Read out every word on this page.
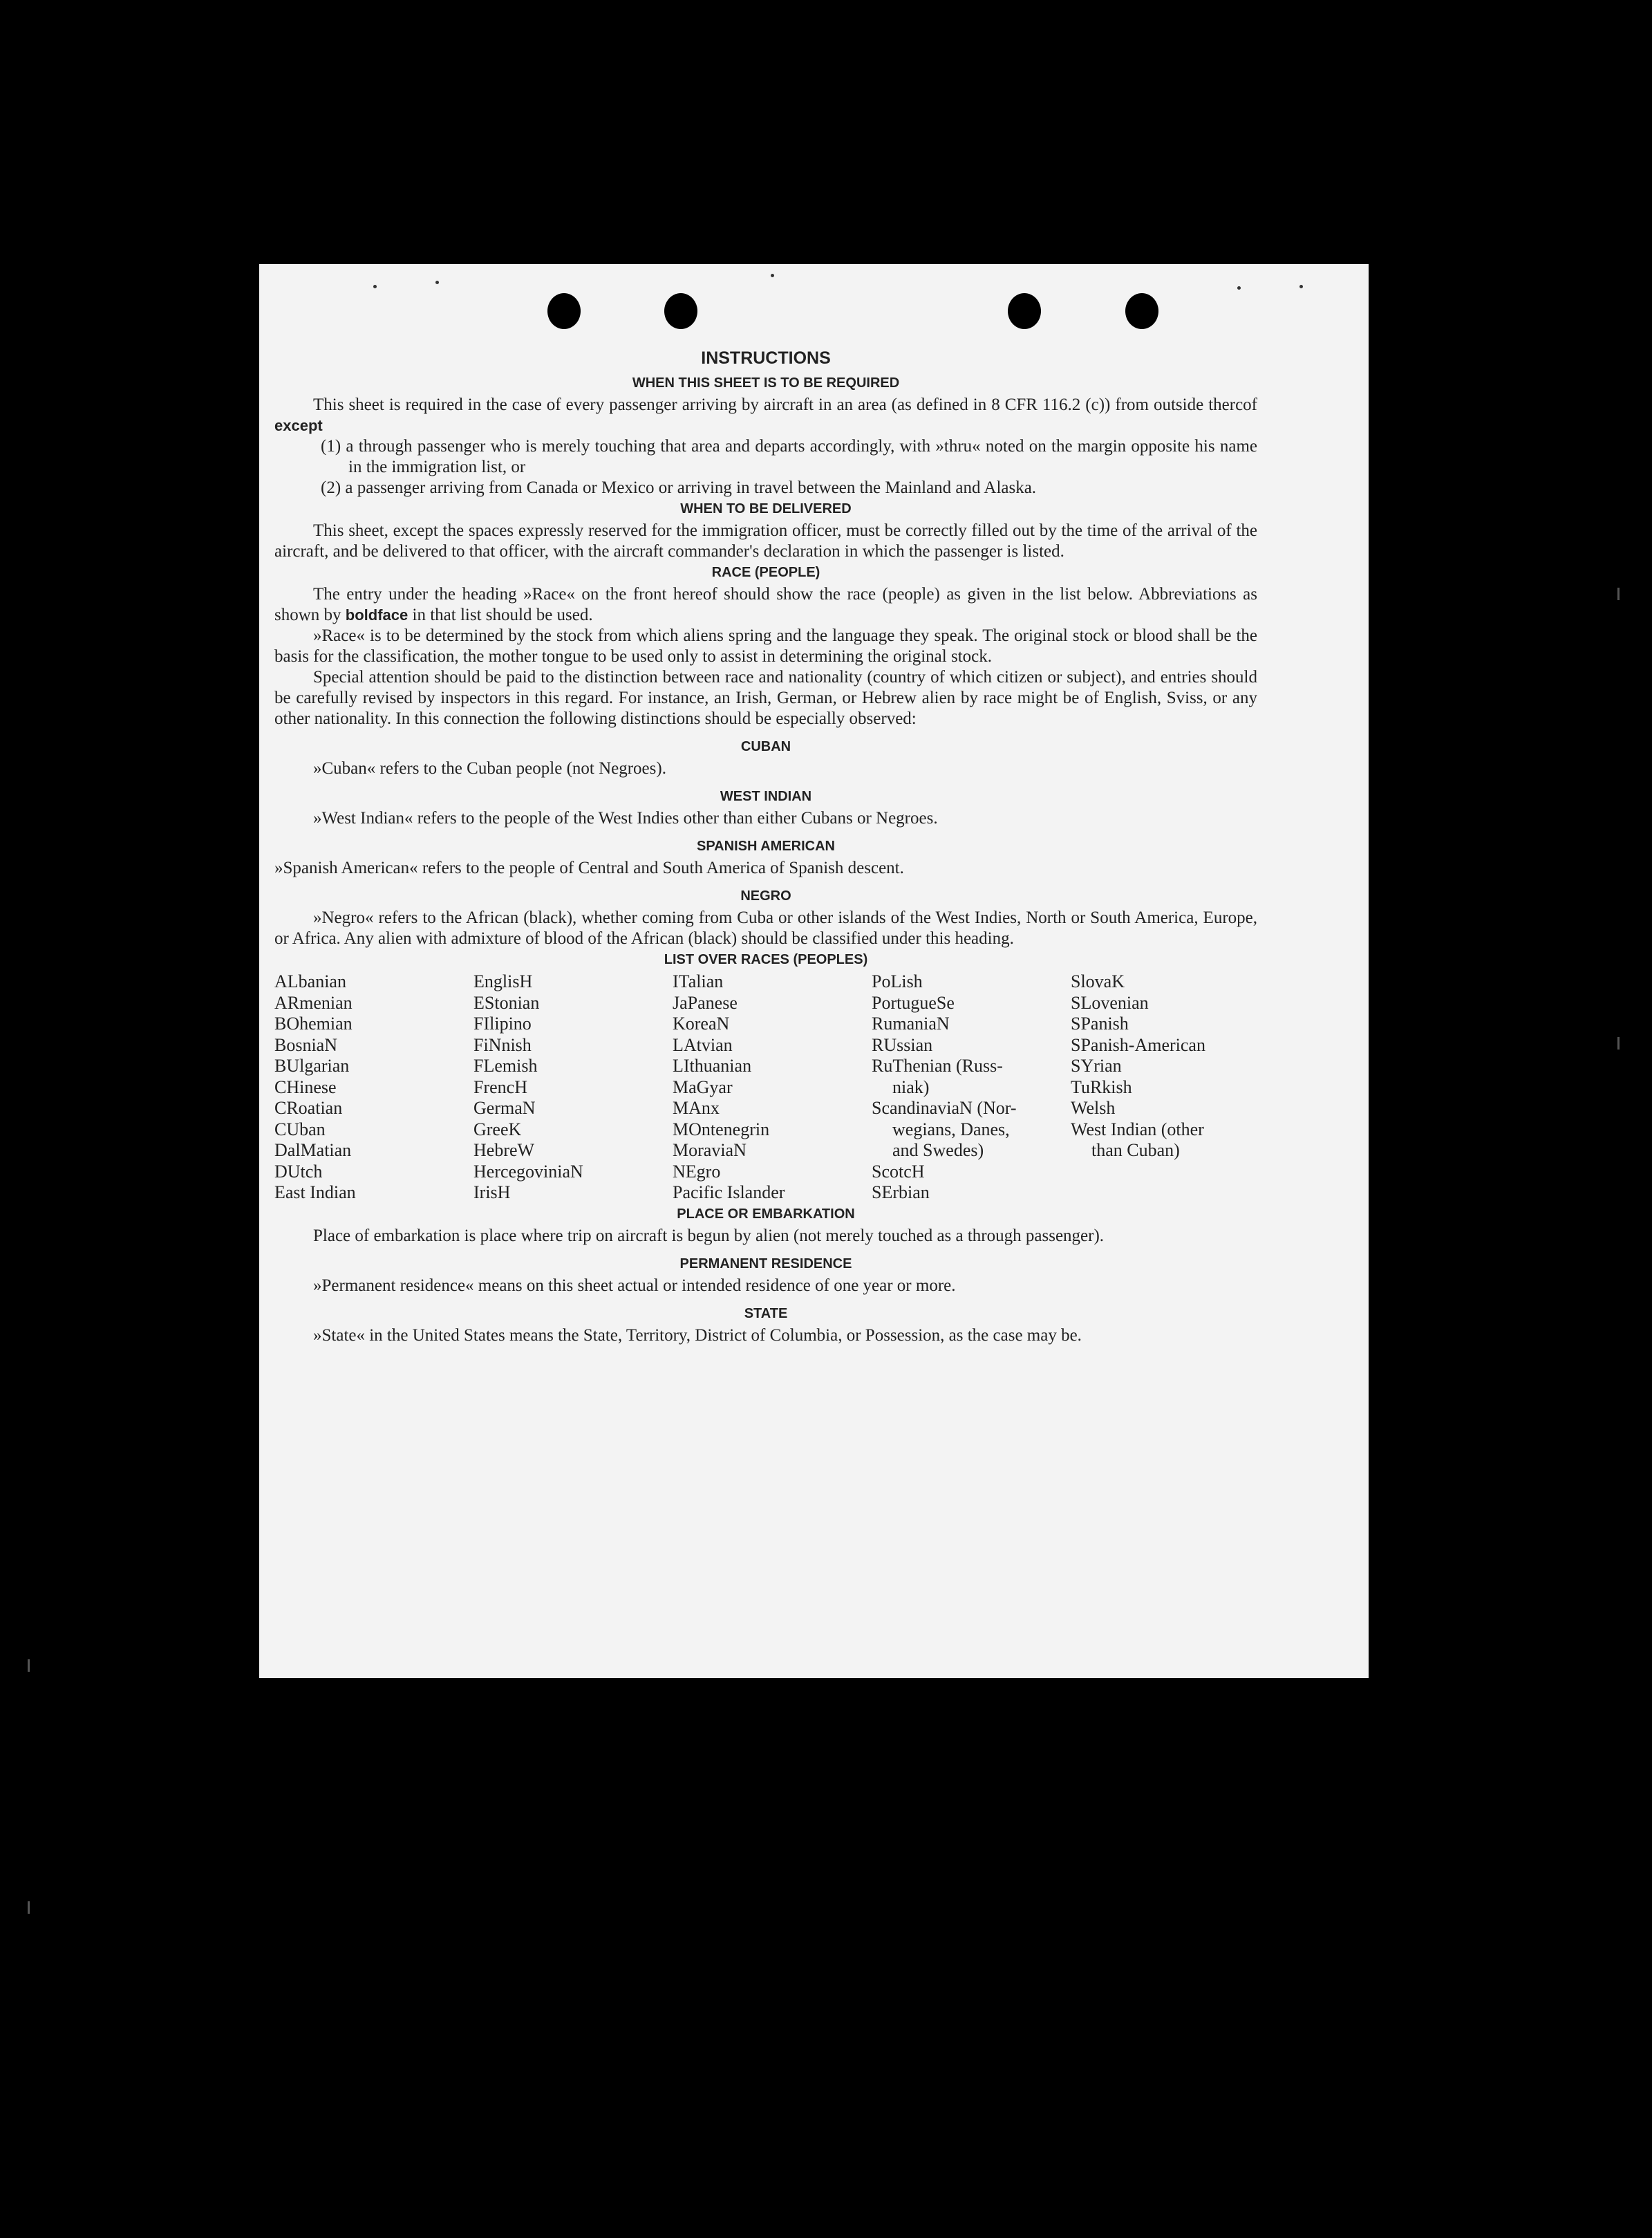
INSTRUCTIONS
WHEN THIS SHEET IS TO BE REQUIRED

This sheet is required in the case of every passenger arriving by aircraft in an area (as defined in 8 CFR 116.2 (c)) from outside thercof except

(1) a through passenger who is merely touching that area and departs accordingly, with »thru« noted on the margin opposite his name in the immigration list, or

(2) a passenger arriving from Canada or Mexico or arriving in travel between the Mainland and Alaska.

WHEN TO BE DELIVERED

This sheet, except the spaces expressly reserved for the immigration officer, must be correctly filled out by the time of the arrival of the aircraft, and be delivered to that officer, with the aircraft commander's declaration in which the passenger is listed.

RACE (PEOPLE)

The entry under the heading »Race« on the front hereof should show the race (people) as given in the list below. Abbreviations as shown by boldface in that list should be used.

»Race« is to be determined by the stock from which aliens spring and the language they speak. The original stock or blood shall be the basis for the classification, the mother tongue to be used only to assist in determining the original stock.

Special attention should be paid to the distinction between race and nationality (country of which citizen or subject), and entries should be carefully revised by inspectors in this regard. For instance, an Irish, German, or Hebrew alien by race might be of English, Sviss, or any other nationality. In this connection the following distinctions should be especially observed:

CUBAN

»Cuban« refers to the Cuban people (not Negroes).

WEST INDIAN

»West Indian« refers to the people of the West Indies other than either Cubans or Negroes.

SPANISH AMERICAN

»Spanish American« refers to the people of Central and South America of Spanish descent.

NEGRO

»Negro« refers to the African (black), whether coming from Cuba or other islands of the West Indies, North or South America, Europe, or Africa. Any alien with admixture of blood of the African (black) should be classified under this heading.

LIST OVER RACES (PEOPLES)
ALbanian
ARmenian
BOhemian
BosniaN
BUlgarian
CHinese
CRoatian
CUban
DalMatian
DUtch
East Indian
EnglisH
EStonian
FIlipino
FiNnish
FLemish
FrencH
GermaN
GreeK
HebreW
HercegoviniaN
IrisH
ITalian
JaPanese
KoreaN
LAtvian
LIthuanian
MaGyar
MAnx
MOntenegrin
MoraviaN
NEgro
Pacific Islander
PoLish
PortugueSe
RumaniaN
RUssian
RuThenian (Russ-
niak)
ScandinaviaN (Nor-
wegians, Danes,
and Swedes)
ScotcH
SErbian
SlovaK
SLovenian
SPanish
SPanish-American
SYrian
TuRkish
Welsh
West Indian (other
than Cuban)
PLACE OR EMBARKATION

Place of embarkation is place where trip on aircraft is begun by alien (not merely touched as a through passenger).

PERMANENT RESIDENCE

»Permanent residence« means on this sheet actual or intended residence of one year or more.

STATE

»State« in the United States means the State, Territory, District of Columbia, or Possession, as the case may be.
